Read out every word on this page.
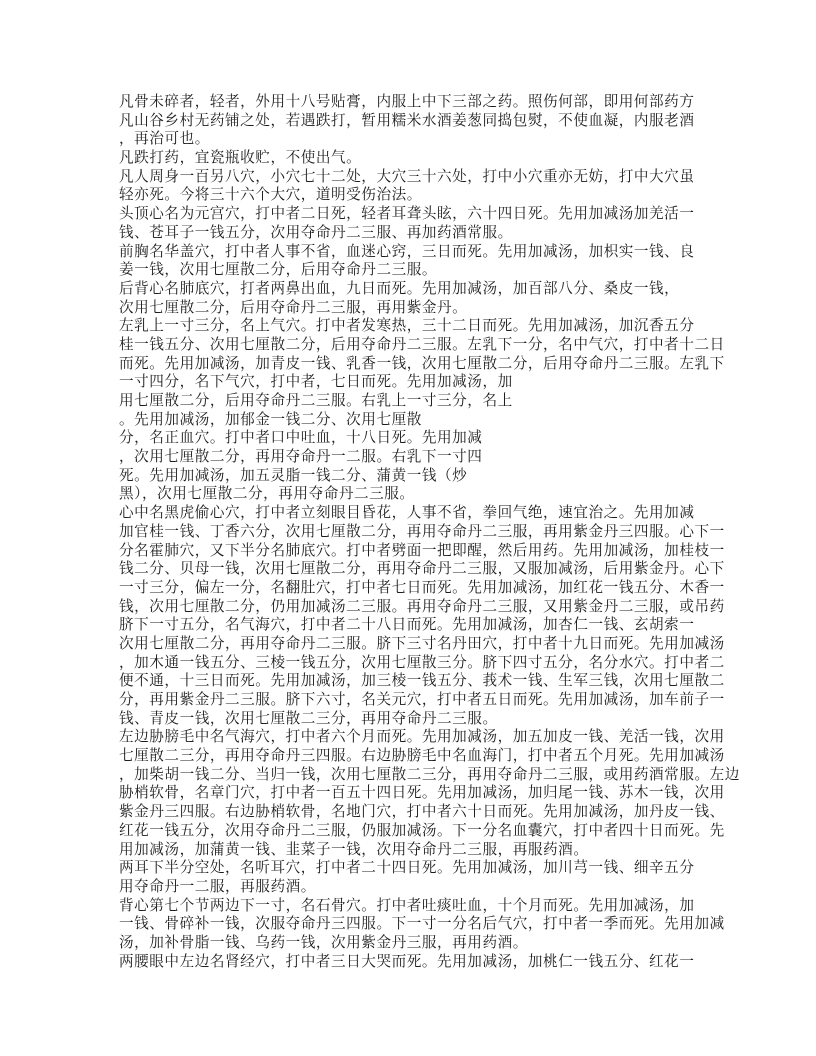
凡骨未碎者，轻者，外用十八号贴膏，内服上中下三部之药。照伤何部，即用何部药方
凡山谷乡村无药铺之处，若遇跌打，暂用糯米水酒姜葱同捣包熨，不使血凝，内服老酒
，再治可也。
凡跌打药，宜瓷瓶收贮，不使出气。
凡人周身一百另八穴，小穴七十二处，大穴三十六处，打中小穴重亦无妨，打中大穴虽
轻亦死。今将三十六个大穴，道明受伤治法。
头顶心名为元宫穴，打中者二日死，轻者耳聋头眩，六十四日死。先用加减汤加羌活一
钱、苍耳子一钱五分，次用夺命丹二三服、再加药酒常服。
前胸名华盖穴，打中者人事不省，血迷心窍，三日而死。先用加减汤，加枳实一钱、良
姜一钱，次用七厘散二分，后用夺命丹二三服。
后背心名肺底穴，打者两鼻出血，九日而死。先用加减汤，加百部八分、桑皮一钱，
次用七厘散二分，后用夺命丹二三服，再用紫金丹。
左乳上一寸三分，名上气穴。打中者发寒热，三十二日而死。先用加减汤，加沉香五分
桂一钱五分、次用七厘散二分，后用夺命丹二三服。左乳下一分，名中气穴，打中者十二日
而死。先用加减汤，加青皮一钱、乳香一钱，次用七厘散二分，后用夺命丹二三服。左乳下
一寸四分，名下气穴，打中者，七日而死。先用加减汤，加
用七厘散二分，后用夺命丹二三服。右乳上一寸三分，名上
。先用加减汤，加郁金一钱二分、次用七厘散
分，名正血穴。打中者口中吐血，十八日死。先用加减
，次用七厘散二分，再用夺命丹一二服。右乳下一寸四
死。先用加减汤，加五灵脂一钱二分、蒲黄一钱（炒
黑），次用七厘散二分，再用夺命丹二三服。
心中名黑虎偷心穴，打中者立刻眼目昏花，人事不省，拳回气绝，速宜治之。先用加减
加官桂一钱、丁香六分，次用七厘散二分，再用夺命丹二三服，再用紫金丹三四服。心下一
分名霍肺穴，又下半分名肺底穴。打中者劈面一把即醒，然后用药。先用加减汤，加桂枝一
钱二分、贝母一钱，次用七厘散二分，再用夺命丹二三服，又服加减汤，后用紫金丹。心下
一寸三分，偏左一分，名翻肚穴，打中者七日而死。先用加减汤，加红花一钱五分、木香一
钱，次用七厘散二分，仍用加减汤二三服。再用夺命丹二三服，又用紫金丹二三服，或吊药
脐下一寸五分，名气海穴，打中者二十八日而死。先用加减汤，加杏仁一钱、玄胡索一
次用七厘散二分，再用夺命丹二三服。脐下三寸名丹田穴，打中者十九日而死。先用加减汤
，加木通一钱五分、三棱一钱五分，次用七厘散三分。脐下四寸五分，名分水穴。打中者二
便不通，十三日而死。先用加减汤，加三棱一钱五分、莪术一钱、生军三钱，次用七厘散二
分，再用紫金丹二三服。脐下六寸，名关元穴，打中者五日而死。先用加减汤，加车前子一
钱、青皮一钱，次用七厘散二三分，再用夺命丹二三服。
左边胁膀毛中名气海穴，打中者六个月而死。先用加减汤，加五加皮一钱、羌活一钱，次用
七厘散二三分，再用夺命丹三四服。右边胁膀毛中名血海门，打中者五个月死。先用加减汤
，加柴胡一钱二分、当归一钱，次用七厘散二三分，再用夺命丹二三服，或用药酒常服。左边
胁梢软骨，名章门穴，打中者一百五十四日死。先用加减汤，加归尾一钱、苏木一钱，次用
紫金丹三四服。右边胁梢软骨，名地门穴，打中者六十日而死。先用加减汤，加丹皮一钱、
红花一钱五分，次用夺命丹二三服，仍服加减汤。下一分名血囊穴，打中者四十日而死。先
用加减汤，加蒲黄一钱、韭菜子一钱，次用夺命丹二三服，再服药酒。
两耳下半分空处，名听耳穴，打中者二十四日死。先用加减汤，加川芎一钱、细辛五分
用夺命丹一二服，再服药酒。
背心第七个节两边下一寸，名石骨穴。打中者吐痰吐血，十个月而死。先用加减汤，加
一钱、骨碎补一钱，次服夺命丹三四服。下一寸一分名后气穴，打中者一季而死。先用加减
汤，加补骨脂一钱、乌药一钱，次用紫金丹三服，再用药酒。
两腰眼中左边名肾经穴，打中者三日大哭而死。先用加减汤，加桃仁一钱五分、红花一
